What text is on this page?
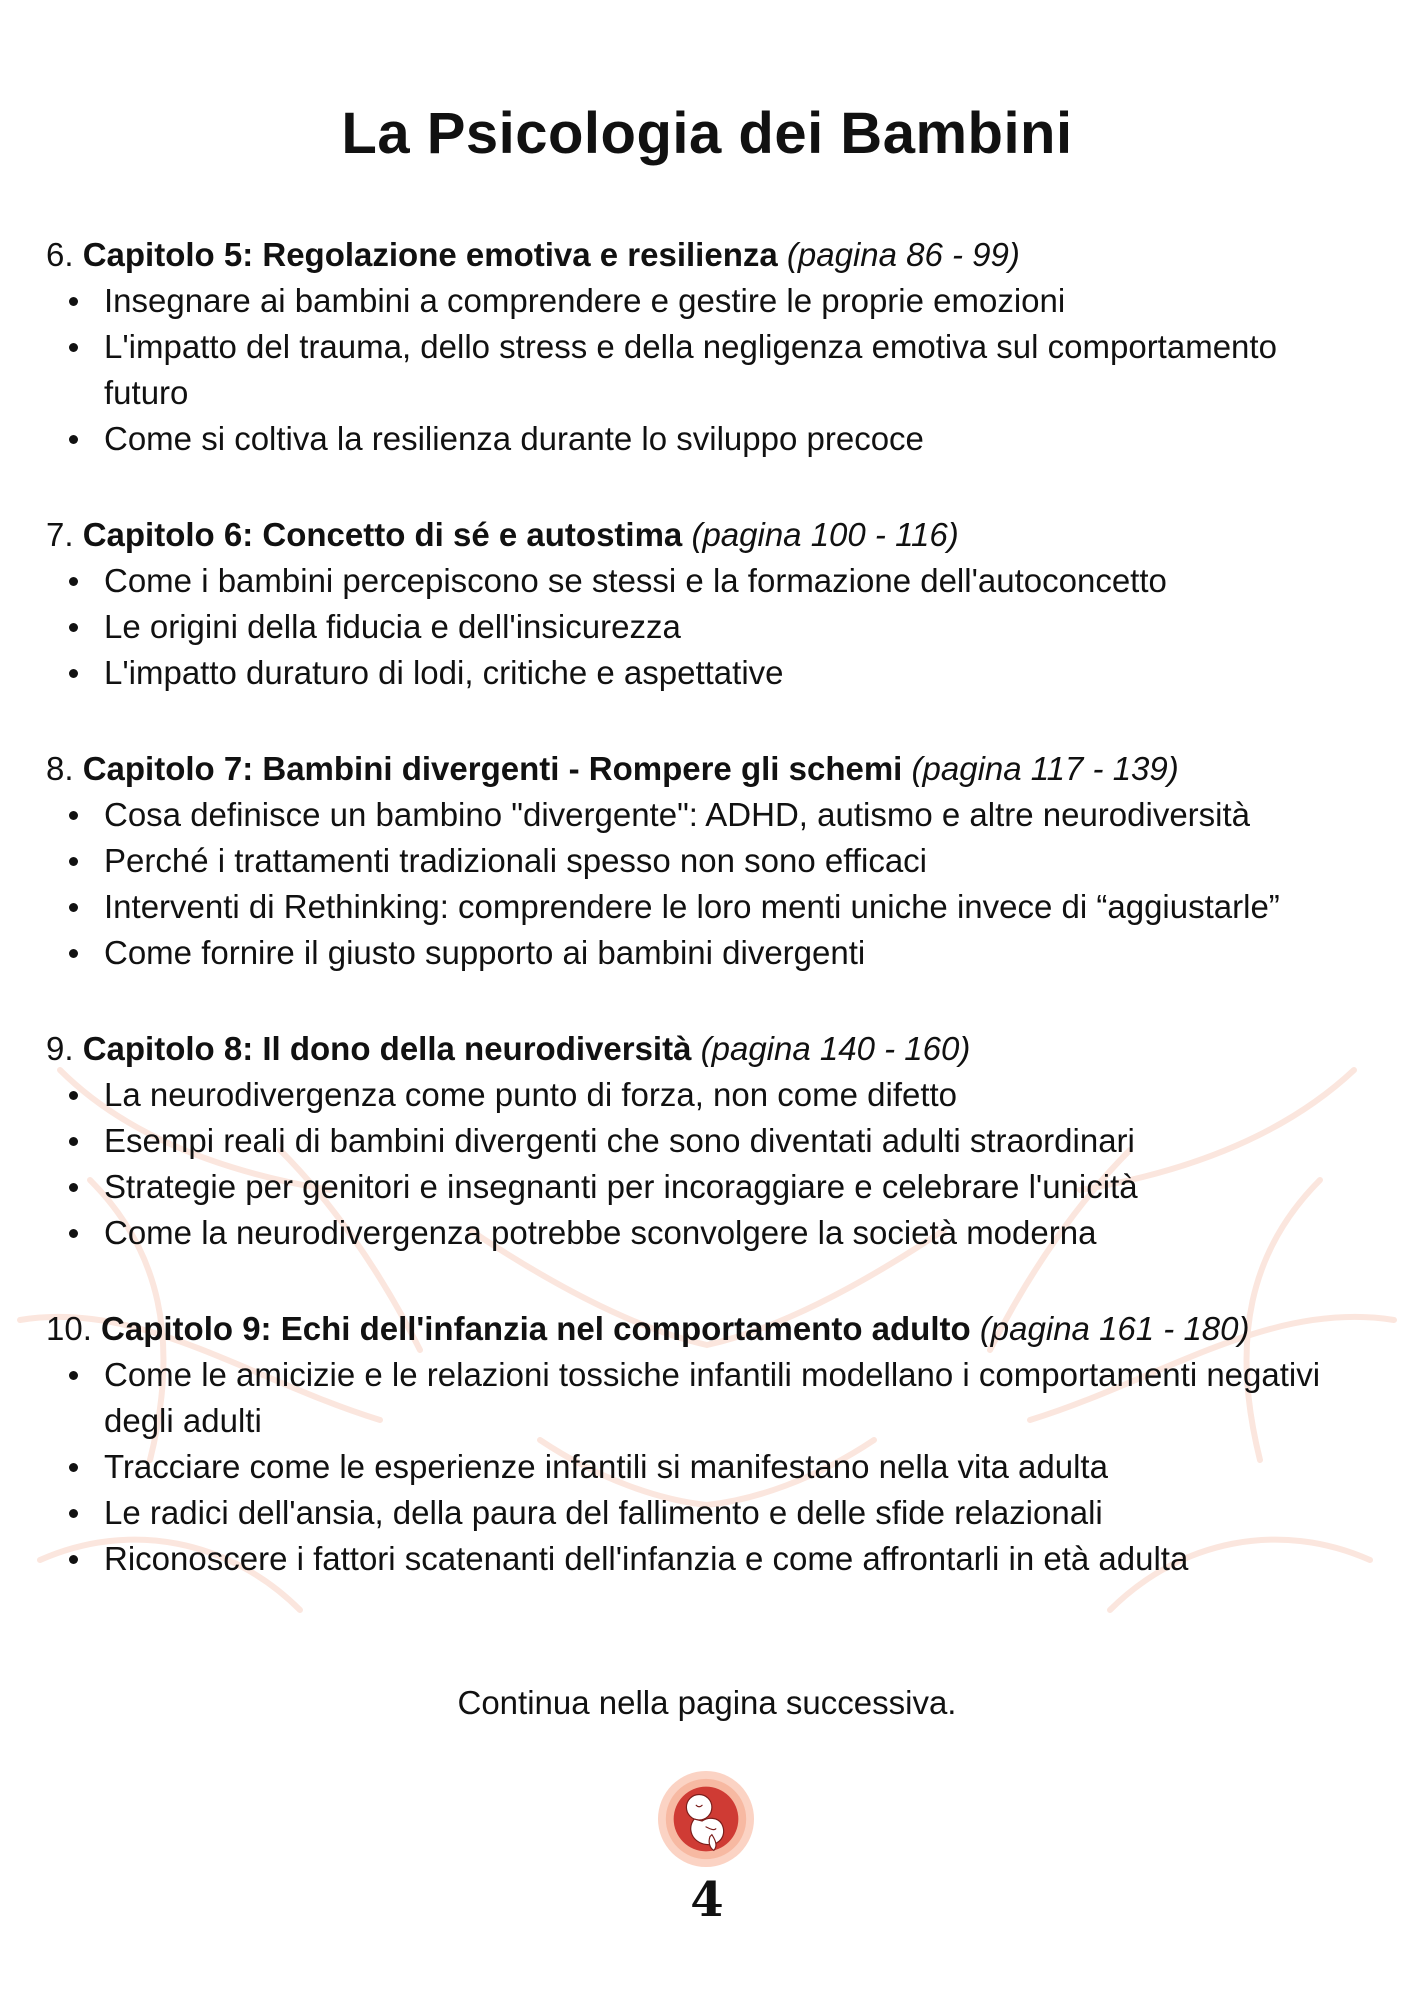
La Psicologia dei Bambini

6. Capitolo 5: Regolazione emotiva e resilienza (pagina 86 - 99)

Insegnare ai bambini a comprendere e gestire le proprie emozioni
L'impatto del trauma, dello stress e della negligenza emotiva sul comportamento futuro
Come si coltiva la resilienza durante lo sviluppo precoce

7. Capitolo 6: Concetto di sé e autostima (pagina 100 - 116)

Come i bambini percepiscono se stessi e la formazione dell'autoconcetto
Le origini della fiducia e dell'insicurezza
L'impatto duraturo di lodi, critiche e aspettative

8. Capitolo 7: Bambini divergenti - Rompere gli schemi (pagina 117 - 139)

Cosa definisce un bambino "divergente": ADHD, autismo e altre neurodiversità
Perché i trattamenti tradizionali spesso non sono efficaci
Interventi di Rethinking: comprendere le loro menti uniche invece di “aggiustarle”
Come fornire il giusto supporto ai bambini divergenti

9. Capitolo 8: Il dono della neurodiversità (pagina 140 - 160)

La neurodivergenza come punto di forza, non come difetto
Esempi reali di bambini divergenti che sono diventati adulti straordinari
Strategie per genitori e insegnanti per incoraggiare e celebrare l'unicità
Come la neurodivergenza potrebbe sconvolgere la società moderna

10. Capitolo 9: Echi dell'infanzia nel comportamento adulto (pagina 161 - 180)

Come le amicizie e le relazioni tossiche infantili modellano i comportamenti negativi degli adulti
Tracciare come le esperienze infantili si manifestano nella vita adulta
Le radici dell'ansia, della paura del fallimento e delle sfide relazionali
Riconoscere i fattori scatenanti dell'infanzia e come affrontarli in età adulta
Continua nella pagina successiva.
4
